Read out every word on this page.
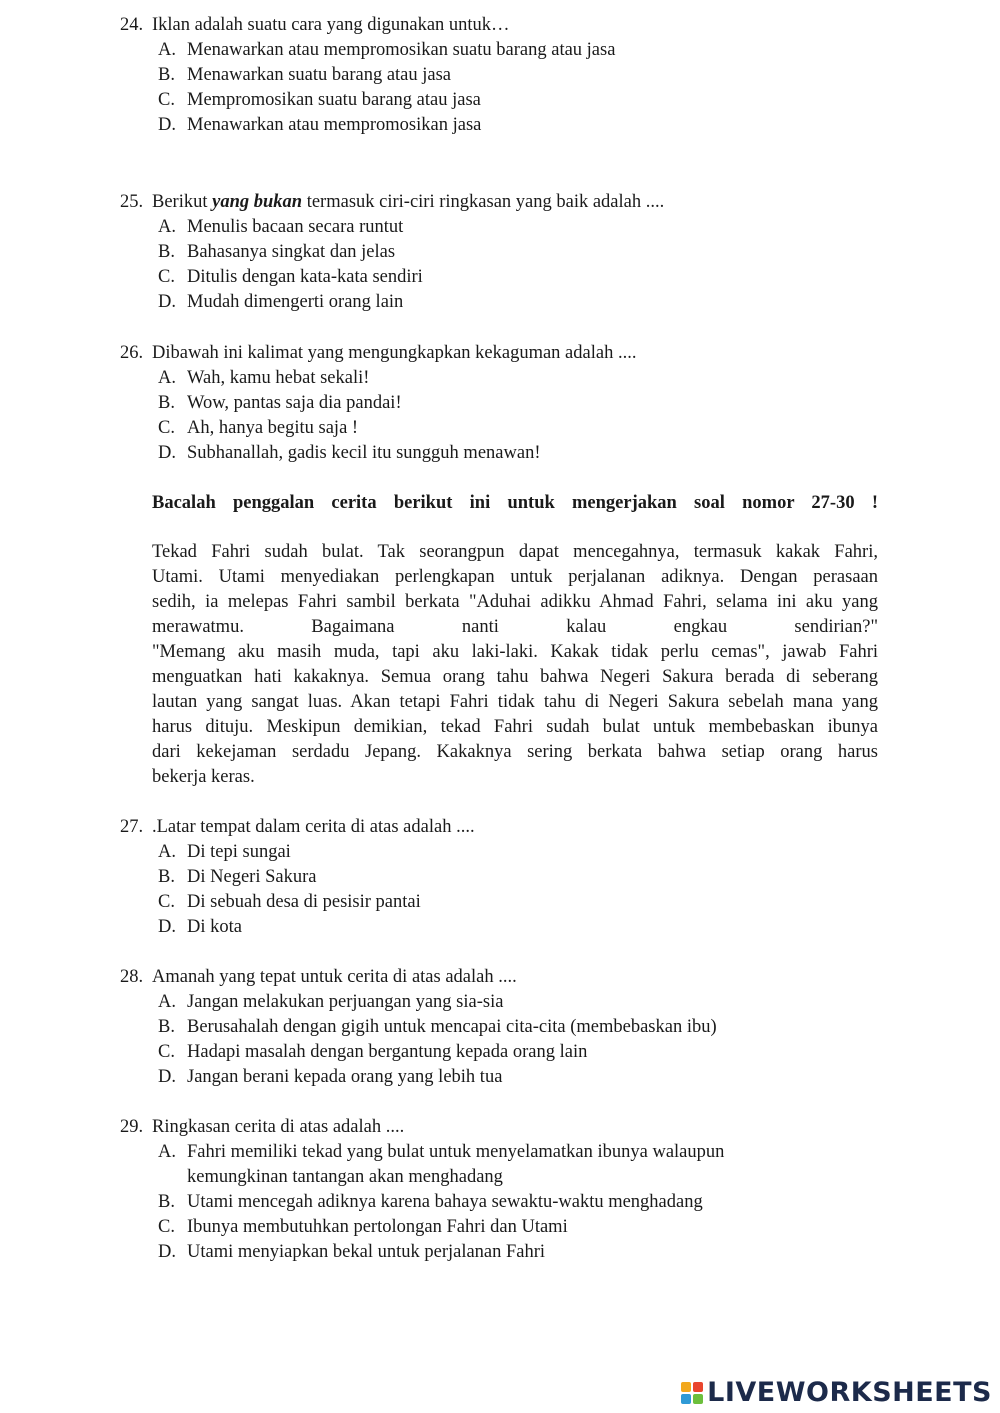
24. Iklan adalah suatu cara yang digunakan untuk…

A. Menawarkan atau mempromosikan suatu barang atau jasa
B. Menawarkan suatu barang atau jasa
C. Mempromosikan suatu barang atau jasa
D. Menawarkan atau mempromosikan jasa

25. Berikut yang bukan termasuk ciri-ciri ringkasan yang baik adalah ....

A. Menulis bacaan secara runtut
B. Bahasanya singkat dan jelas
C. Ditulis dengan kata-kata sendiri
D. Mudah dimengerti orang lain

26. Dibawah ini kalimat yang mengungkapkan kekaguman adalah ....

A. Wah, kamu hebat sekali!
B. Wow, pantas saja dia pandai!
C. Ah, hanya begitu saja !
D. Subhanallah, gadis kecil itu sungguh menawan!

Bacalah penggalan cerita berikut ini untuk mengerjakan soal nomor 27-30 !

Tekad Fahri sudah bulat. Tak seorangpun dapat mencegahnya, termasuk kakak Fahri,
Utami. Utami menyediakan perlengkapan untuk perjalanan adiknya. Dengan perasaan
sedih, ia melepas Fahri sambil berkata "Aduhai adikku Ahmad Fahri, selama ini aku yang
merawatmu. Bagaimana nanti kalau engkau sendirian?"
"Memang aku masih muda, tapi aku laki-laki. Kakak tidak perlu cemas", jawab Fahri
menguatkan hati kakaknya. Semua orang tahu bahwa Negeri Sakura berada di seberang
lautan yang sangat luas. Akan tetapi Fahri tidak tahu di Negeri Sakura sebelah mana yang
harus dituju. Meskipun demikian, tekad Fahri sudah bulat untuk membebaskan ibunya
dari kekejaman serdadu Jepang. Kakaknya sering berkata bahwa setiap orang harus
bekerja keras.

27. .Latar tempat dalam cerita di atas adalah ....

A. Di tepi sungai
B. Di Negeri Sakura
C. Di sebuah desa di pesisir pantai
D. Di kota

28. Amanah yang tepat untuk cerita di atas adalah ....

A. Jangan melakukan perjuangan yang sia-sia
B. Berusahalah dengan gigih untuk mencapai cita-cita (membebaskan ibu)
C. Hadapi masalah dengan bergantung kepada orang lain
D. Jangan berani kepada orang yang lebih tua

29. Ringkasan cerita di atas adalah ....

A. Fahri memiliki tekad yang bulat untuk menyelamatkan ibunya walaupun kemungkinan tantangan akan menghadang
B. Utami mencegah adiknya karena bahaya sewaktu-waktu menghadang
C. Ibunya membutuhkan pertolongan Fahri dan Utami
D. Utami menyiapkan bekal untuk perjalanan Fahri
LIVEWORKSHEETS
